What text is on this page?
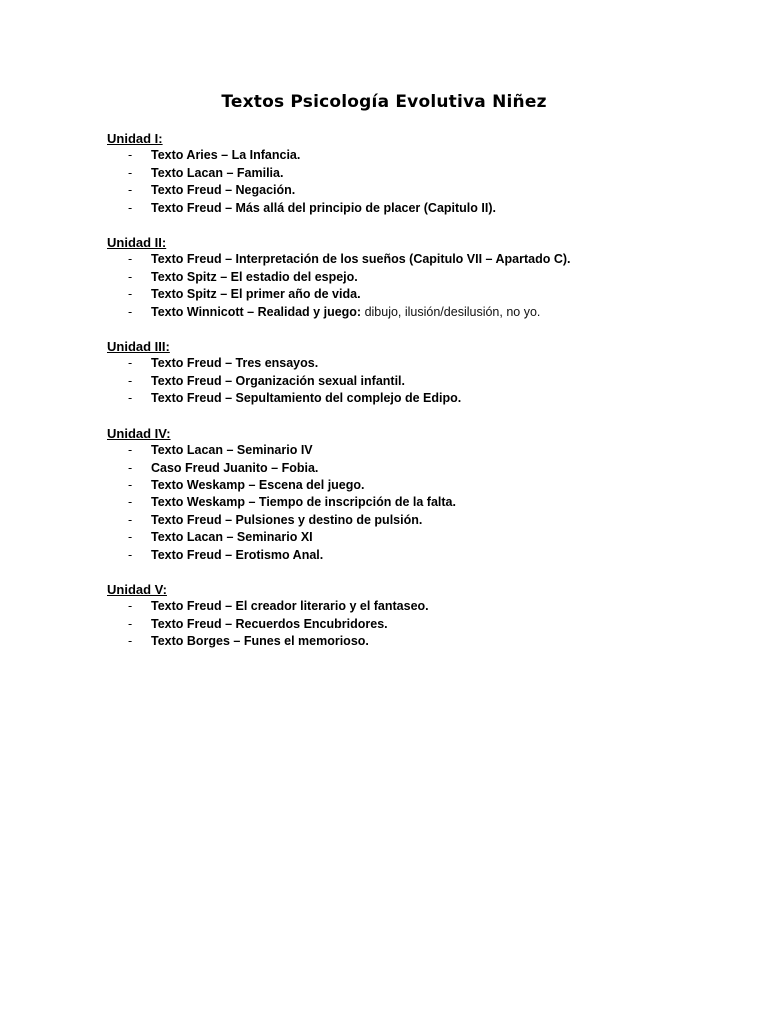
Textos Psicología Evolutiva Niñez
Unidad I:
- Texto Aries – La Infancia.
- Texto Lacan – Familia.
- Texto Freud – Negación.
- Texto Freud – Más allá del principio de placer (Capitulo II).
Unidad II:
- Texto Freud – Interpretación de los sueños (Capitulo VII – Apartado C).
- Texto Spitz – El estadio del espejo.
- Texto Spitz – El primer año de vida.
- Texto Winnicott – Realidad y juego: dibujo, ilusión/desilusión, no yo.
Unidad III:
- Texto Freud – Tres ensayos.
- Texto Freud – Organización sexual infantil.
- Texto Freud – Sepultamiento del complejo de Edipo.
Unidad IV:
- Texto Lacan – Seminario IV
- Caso Freud Juanito – Fobia.
- Texto Weskamp – Escena del juego.
- Texto Weskamp – Tiempo de inscripción de la falta.
- Texto Freud – Pulsiones y destino de pulsión.
- Texto Lacan – Seminario XI
- Texto Freud – Erotismo Anal.
Unidad V:
- Texto Freud – El creador literario y el fantaseo.
- Texto Freud – Recuerdos Encubridores.
- Texto Borges – Funes el memorioso.
